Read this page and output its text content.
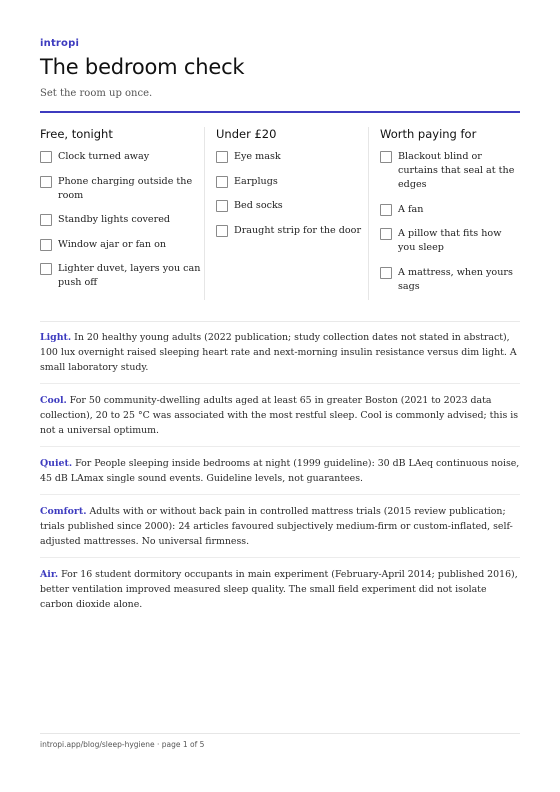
intropi
The bedroom check
Set the room up once.
Free, tonight
Clock turned away
Phone charging outside the room
Standby lights covered
Window ajar or fan on
Lighter duvet, layers you can push off
Under £20
Eye mask
Earplugs
Bed socks
Draught strip for the door
Worth paying for
Blackout blind or curtains that seal at the edges
A fan
A pillow that fits how you sleep
A mattress, when yours sags

Light. In 20 healthy young adults (2022 publication; study collection dates not stated in abstract), 100 lux overnight raised sleeping heart rate and next-morning insulin resistance versus dim light. A small laboratory study.

Cool. For 50 community-dwelling adults aged at least 65 in greater Boston (2021 to 2023 data collection), 20 to 25 °C was associated with the most restful sleep. Cool is commonly advised; this is not a universal optimum.

Quiet. For People sleeping inside bedrooms at night (1999 guideline): 30 dB LAeq continuous noise, 45 dB LAmax single sound events. Guideline levels, not guarantees.

Comfort. Adults with or without back pain in controlled mattress trials (2015 review publication; trials published since 2000): 24 articles favoured subjectively medium-firm or custom-inflated, self-adjusted mattresses. No universal firmness.

Air. For 16 student dormitory occupants in main experiment (February-April 2014; published 2016), better ventilation improved measured sleep quality. The small field experiment did not isolate carbon dioxide alone.

intropi.app/blog/sleep-hygiene · page 1 of 5
